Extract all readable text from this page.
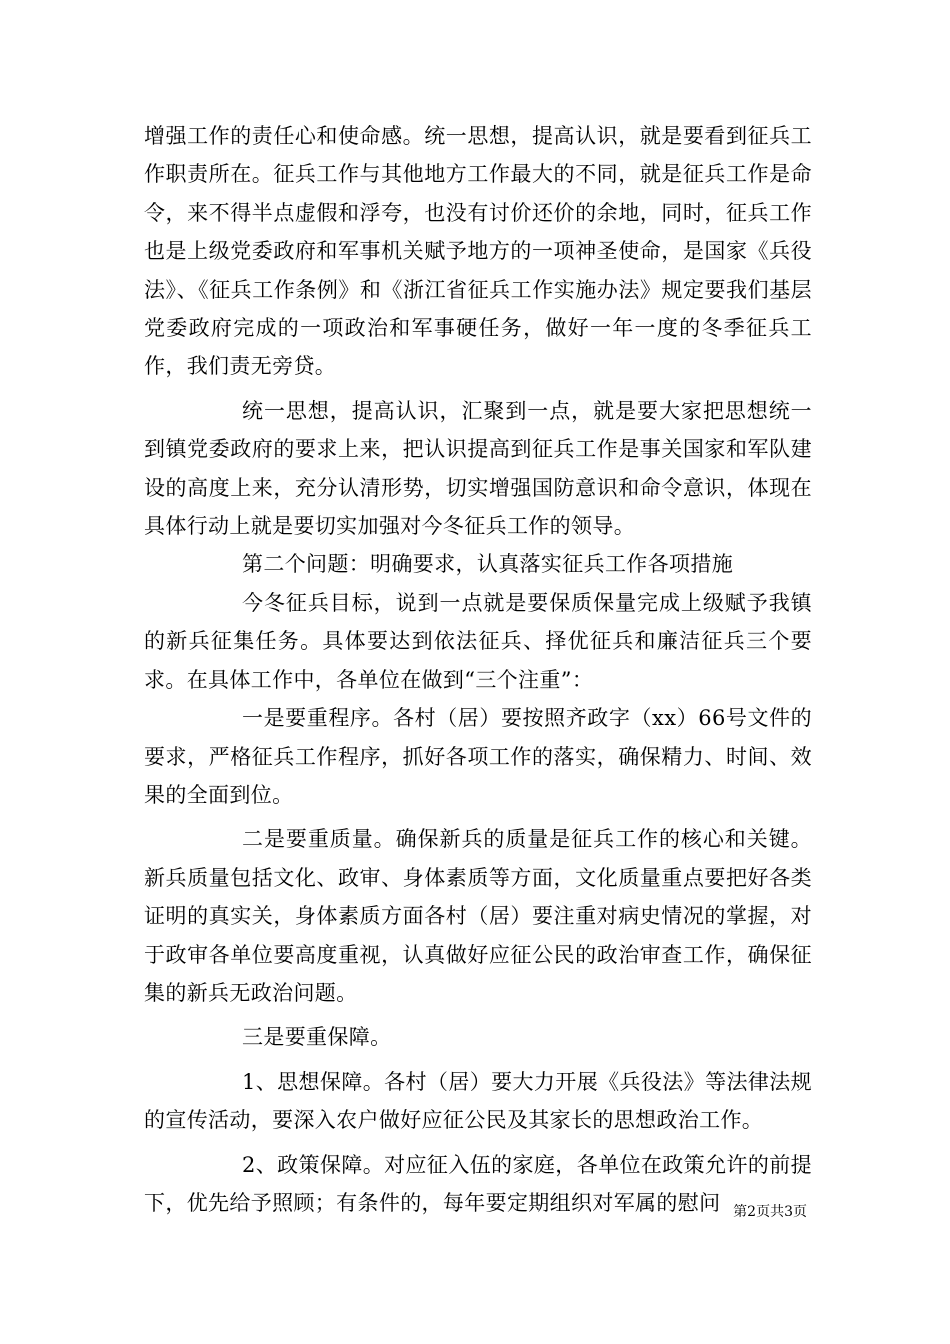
增强工作的责任心和使命感。统一思想，提高认识，就是要看到征兵工作职责所在。征兵工作与其他地方工作最大的不同，就是征兵工作是命令，来不得半点虚假和浮夸，也没有讨价还价的余地，同时，征兵工作也是上级党委政府和军事机关赋予地方的一项神圣使命，是国家《兵役法》、《征兵工作条例》和《浙江省征兵工作实施办法》规定要我们基层党委政府完成的一项政治和军事硬任务，做好一年一度的冬季征兵工作，我们责无旁贷。

统一思想，提高认识，汇聚到一点，就是要大家把思想统一到镇党委政府的要求上来，把认识提高到征兵工作是事关国家和军队建设的高度上来，充分认清形势，切实增强国防意识和命令意识，体现在具体行动上就是要切实加强对今冬征兵工作的领导。

第二个问题：明确要求，认真落实征兵工作各项措施

今冬征兵目标，说到一点就是要保质保量完成上级赋予我镇的新兵征集任务。具体要达到依法征兵、择优征兵和廉洁征兵三个要求。在具体工作中，各单位在做到“三个注重”：

一是要重程序。各村（居）要按照齐政字（xx）66号文件的要求，严格征兵工作程序，抓好各项工作的落实，确保精力、时间、效果的全面到位。

二是要重质量。确保新兵的质量是征兵工作的核心和关键。新兵质量包括文化、政审、身体素质等方面，文化质量重点要把好各类证明的真实关，身体素质方面各村（居）要注重对病史情况的掌握，对于政审各单位要高度重视，认真做好应征公民的政治审查工作，确保征集的新兵无政治问题。

三是要重保障。

1、思想保障。各村（居）要大力开展《兵役法》等法律法规的宣传活动，要深入农户做好应征公民及其家长的思想政治工作。

2、政策保障。对应征入伍的家庭，各单位在政策允许的前提下，优先给予照顾；有条件的，每年要定期组织对军属的慰问 第2页共3页
